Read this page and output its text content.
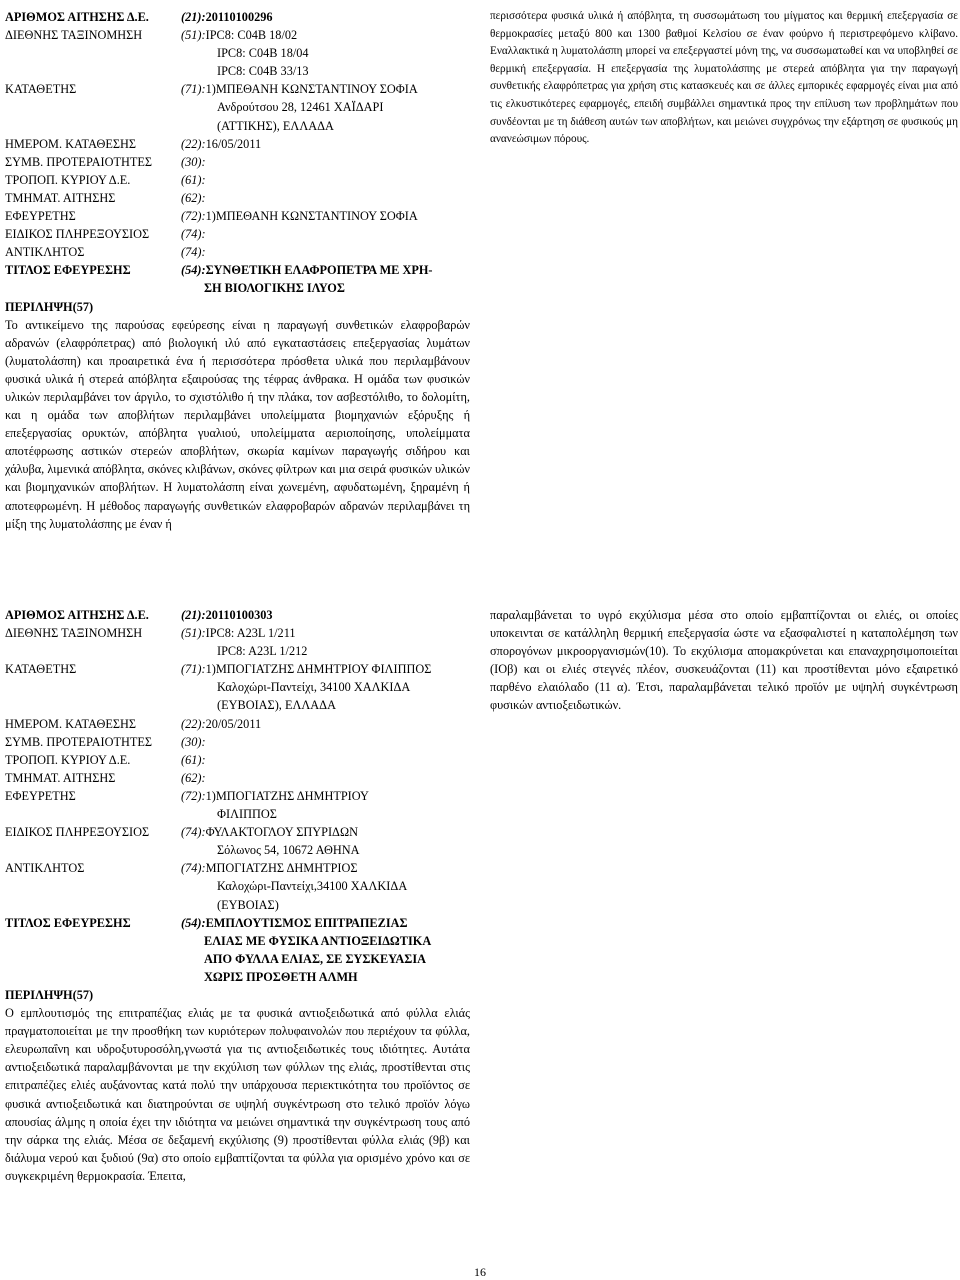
ΑΡΙΘΜΟΣ ΑΙΤΗΣΗΣ Δ.Ε.	(21):20110100296
ΔΙΕΘΝΗΣ ΤΑΞΙΝΟΜΗΣΗ	(51):IPC8: C04B 18/02
IPC8: C04B 18/04
IPC8: C04B 33/13
ΚΑΤΑΘΕΤΗΣ	(71):1)ΜΠΕΘΑΝΗ ΚΩΝΣΤΑΝΤΙΝΟΥ ΣΟΦΙΑ
Ανδρούτσου 28, 12461 ΧΑΪΔΑΡΙ
(ΑΤΤΙΚΗΣ), ΕΛΛΑΔΑ
ΗΜΕΡΟΜ. ΚΑΤΑΘΕΣΗΣ	(22):16/05/2011
ΣΥΜΒ. ΠΡΟΤΕΡΑΙΟΤΗΤΕΣ	(30):
ΤΡΟΠΟΠ. ΚΥΡΙΟΥ Δ.Ε.	(61):
ΤΜΗΜΑΤ. ΑΙΤΗΣΗΣ	(62):
ΕΦΕΥΡΕΤΗΣ	(72):1)ΜΠΕΘΑΝΗ ΚΩΝΣΤΑΝΤΙΝΟΥ ΣΟΦΙΑ
ΕΙΔΙΚΟΣ ΠΛΗΡΕΞΟΥΣΙΟΣ	(74):
ΑΝΤΙΚΛΗΤΟΣ	(74):
ΤΙΤΛΟΣ ΕΦΕΥΡΕΣΗΣ	(54):ΣΥΝΘΕΤΙΚΗ ΕΛΑΦΡΟΠΕΤΡΑ ΜΕ ΧΡΗ-
ΣΗ ΒΙΟΛΟΓΙΚΗΣ ΙΛΥΟΣ
ΠΕΡΙΛΗΨΗ(57)

Το αντικείμενο της παρούσας εφεύρεσης είναι η παραγωγή συνθετικών ελαφροβαρών αδρανών (ελαφρόπετρας) από βιολογική ιλύ από εγκαταστάσεις επεξεργασίας λυμάτων (λυματολάσπη) και προαιρετικά ένα ή περισσότερα πρόσθετα υλικά που περιλαμβάνουν φυσικά υλικά ή στερεά απόβλητα εξαιρούσας της τέφρας άνθρακα. Η ομάδα των φυσικών υλικών περιλαμβάνει τον άργιλο, το σχιστόλιθο ή την πλάκα, τον ασβεστόλιθο, το δολομίτη, και η ομάδα των αποβλήτων περιλαμβάνει υπολείμματα βιομηχανιών εξόρυξης ή επεξεργασίας ορυκτών, απόβλητα γυαλιού, υπολείμματα αεριοποίησης, υπολείμματα αποτέφρωσης αστικών στερεών αποβλήτων, σκωρία καμίνων παραγωγής σιδήρου και χάλυβα, λιμενικά απόβλητα, σκόνες κλιβάνων, σκόνες φίλτρων και μια σειρά φυσικών υλικών και βιομηχανικών αποβλήτων. Η λυματολάσπη είναι χωνεμένη, αφυδατωμένη, ξηραμένη ή αποτεφρωμένη. Η μέθοδος παραγωγής συνθετικών ελαφροβαρών αδρανών περιλαμβάνει τη μίξη της λυματολάσπης με έναν ή

περισσότερα φυσικά υλικά ή απόβλητα, τη συσσωμάτωση του μίγματος και θερμική επεξεργασία σε θερμοκρασίες μεταξύ 800 και 1300 βαθμοί Κελσίου σε έναν φούρνο ή περιστρεφόμενο κλίβανο. Εναλλακτικά η λυματολάσπη μπορεί να επεξεργαστεί μόνη της, να συσσωματωθεί και να υποβληθεί σε θερμική επεξεργασία. Η επεξεργασία της λυματολάσπης με στερεά απόβλητα για την παραγωγή συνθετικής ελαφρόπετρας για χρήση στις κατασκευές και σε άλλες εμπορικές εφαρμογές είναι μια από τις ελκυστικότερες εφαρμογές, επειδή συμβάλλει σημαντικά προς την επίλυση των προβλημάτων που συνδέονται με τη διάθεση αυτών των αποβλήτων, και μειώνει συγχρόνως την εξάρτηση σε φυσικούς μη ανανεώσιμων πόρους.

ΑΡΙΘΜΟΣ ΑΙΤΗΣΗΣ Δ.Ε.	(21):20110100303
ΔΙΕΘΝΗΣ ΤΑΞΙΝΟΜΗΣΗ	(51):IPC8: A23L 1/211
IPC8: A23L 1/212
ΚΑΤΑΘΕΤΗΣ	(71):1)ΜΠΟΓΙΑΤΖΗΣ ΔΗΜΗΤΡΙΟΥ ΦΙΛΙΠΠΟΣ
Καλοχώρι-Παντείχι, 34100 ΧΑΛΚΙΔΑ
(ΕΥΒΟΙΑΣ), ΕΛΛΑΔΑ
ΗΜΕΡΟΜ. ΚΑΤΑΘΕΣΗΣ	(22):20/05/2011
ΣΥΜΒ. ΠΡΟΤΕΡΑΙΟΤΗΤΕΣ	(30):
ΤΡΟΠΟΠ. ΚΥΡΙΟΥ Δ.Ε.	(61):
ΤΜΗΜΑΤ. ΑΙΤΗΣΗΣ	(62):
ΕΦΕΥΡΕΤΗΣ	(72):1)ΜΠΟΓΙΑΤΖΗΣ ΔΗΜΗΤΡΙΟΥ
ΦΙΛΙΠΠΟΣ
ΕΙΔΙΚΟΣ ΠΛΗΡΕΞΟΥΣΙΟΣ	(74):ΦΥΛΑΚΤΟΓΛΟΥ ΣΠΥΡΙΔΩΝ
Σόλωνος 54, 10672 ΑΘΗΝΑ
ΑΝΤΙΚΛΗΤΟΣ	(74):ΜΠΟΓΙΑΤΖΗΣ ΔΗΜΗΤΡΙΟΣ
Καλοχώρι-Παντείχι,34100 ΧΑΛΚΙΔΑ
(ΕΥΒΟΙΑΣ)
ΤΙΤΛΟΣ ΕΦΕΥΡΕΣΗΣ	(54):ΕΜΠΛΟΥΤΙΣΜΟΣ ΕΠΙΤΡΑΠΕΖΙΑΣ
ΕΛΙΑΣ ΜΕ ΦΥΣΙΚΑ ΑΝΤΙΟΞΕΙΔΩΤΙΚΑ
ΑΠΟ ΦΥΛΛΑ ΕΛΙΑΣ, ΣΕ ΣΥΣΚΕΥΑΣΙΑ
ΧΩΡΙΣ ΠΡΟΣΘΕΤΗ ΑΛΜΗ
ΠΕΡΙΛΗΨΗ(57)

Ο εμπλουτισμός της επιτραπέζιας ελιάς με τα φυσικά αντιοξειδωτικά από φύλλα ελιάς πραγματοποιείται με την προσθήκη των κυριότερων πολυφαινολών που περιέχουν τα φύλλα, ελευρωπαΐνη και υδροξυτυροσόλη,γνωστά για τις αντιοξειδωτικές τους ιδιότητες. Αυτάτα αντιοξειδωτικά παραλαμβάνονται με την εκχύλιση των φύλλων της ελιάς, προστίθενται στις επιτραπέζιες ελιές αυξάνοντας κατά πολύ την υπάρχουσα περιεκτικότητα του προϊόντος σε φυσικά αντιοξειδωτικά και διατηρούνται σε υψηλή συγκέντρωση στο τελικό προϊόν λόγω απουσίας άλμης η οποία έχει την ιδιότητα να μειώνει σημαντικά την συγκέντρωση τους από την σάρκα της ελιάς. Μέσα σε δεξαμενή εκχύλισης (9) προστίθενται φύλλα ελιάς (9β) και διάλυμα νερού και ξυδιού (9α) στο οποίο εμβαπτίζονται τα φύλλα για ορισμένο χρόνο και σε συγκεκριμένη θερμοκρασία. Έπειτα,

παραλαμβάνεται το υγρό εκχύλισμα μέσα στο οποίο εμβαπτίζονται οι ελιές, οι οποίες υποκεινται σε κατάλληλη θερμική επεξεργασία ώστε να εξασφαλιστεί η καταπολέμηση των σπορογόνων μικροοργανισμών(10). Το εκχύλισμα απομακρύνεται και επαναχρησιμοποιείται (ΙΟβ) και οι ελιές στεγνές πλέον, συσκευάζονται (11) και προστίθενται μόνο εξαιρετικό παρθένο ελαιόλαδο (11 α). Έτσι, παραλαμβάνεται τελικό προϊόν με υψηλή συγκέντρωση φυσικών αντιοξειδωτικών.

16
